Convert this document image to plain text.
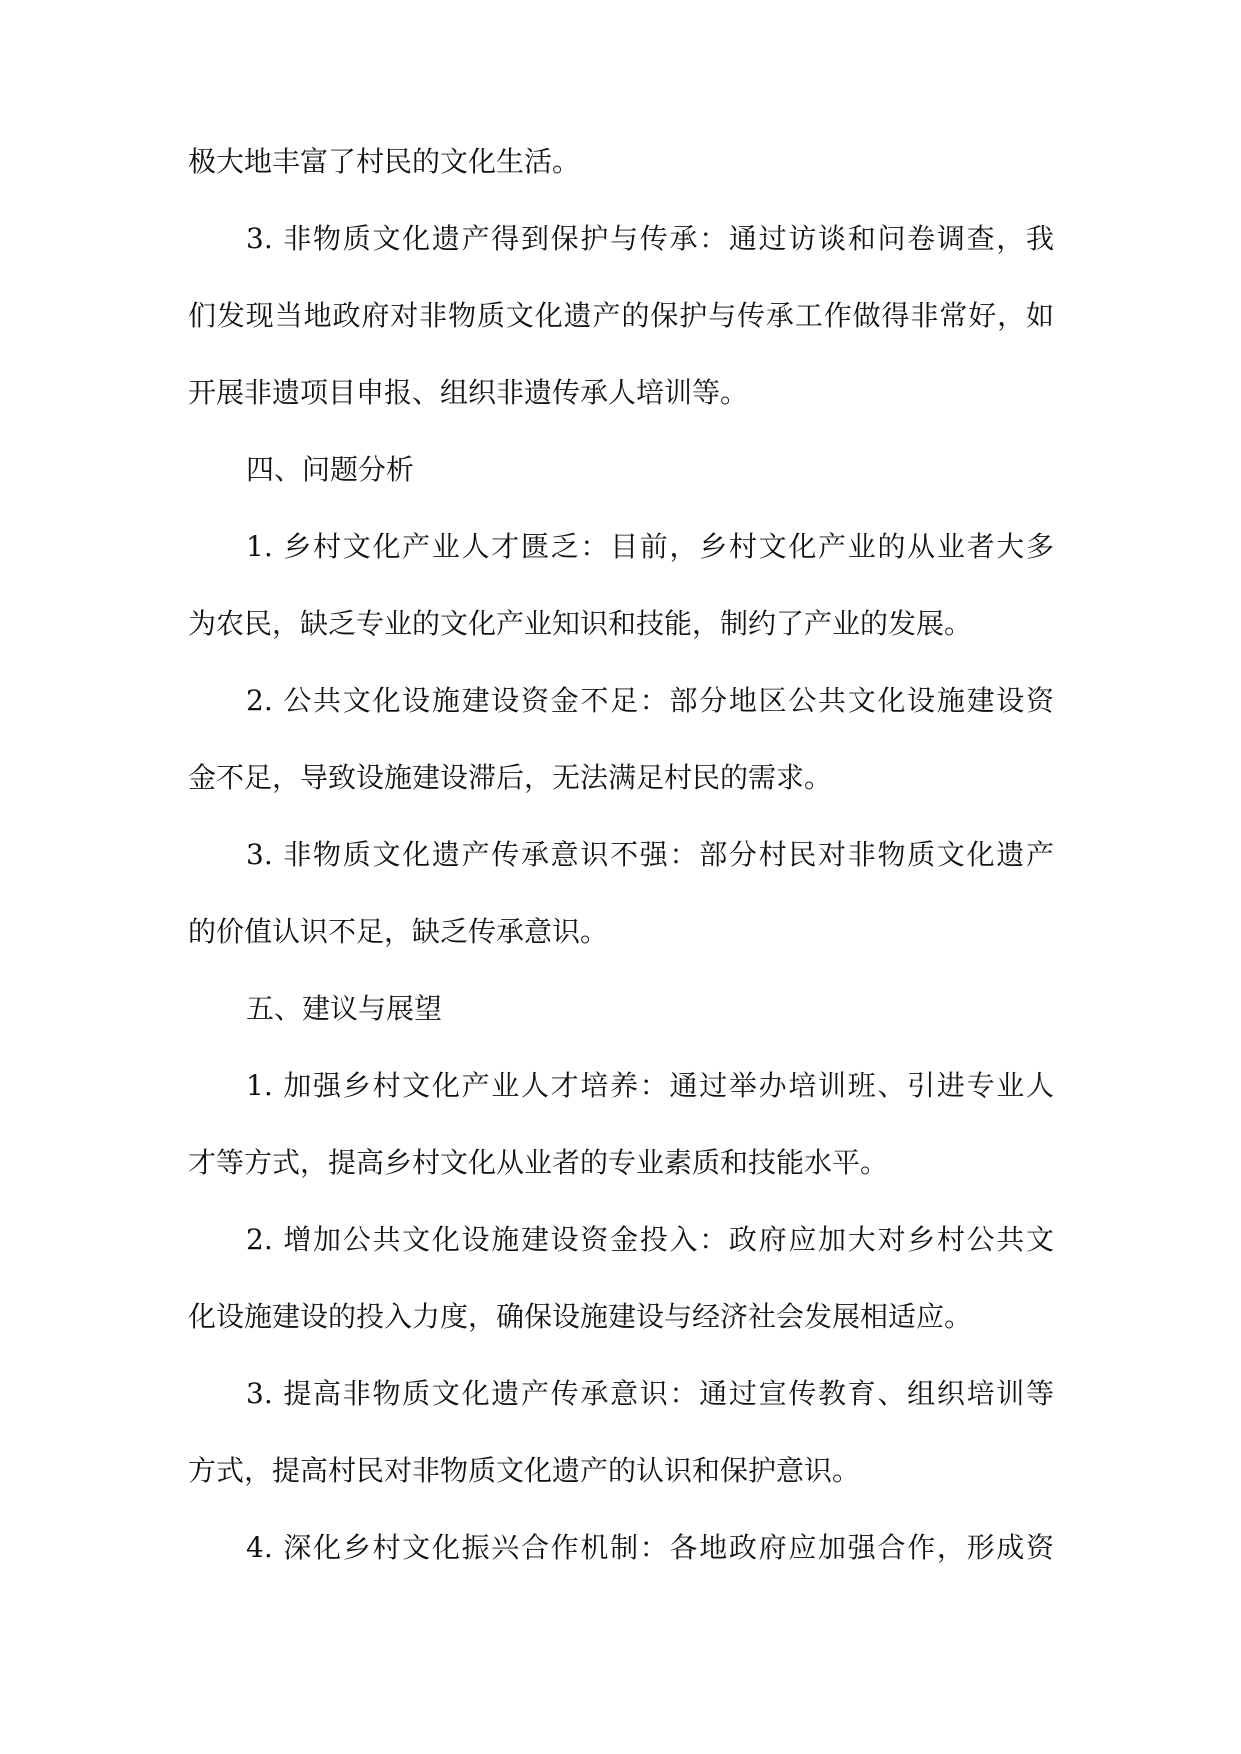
极大地丰富了村民的文化生活。
3. 非物质文化遗产得到保护与传承：通过访谈和问卷调查，我
们发现当地政府对非物质文化遗产的保护与传承工作做得非常好，如
开展非遗项目申报、组织非遗传承人培训等。
四、问题分析
1. 乡村文化产业人才匮乏：目前，乡村文化产业的从业者大多
为农民，缺乏专业的文化产业知识和技能，制约了产业的发展。
2. 公共文化设施建设资金不足：部分地区公共文化设施建设资
金不足，导致设施建设滞后，无法满足村民的需求。
3. 非物质文化遗产传承意识不强：部分村民对非物质文化遗产
的价值认识不足，缺乏传承意识。
五、建议与展望
1. 加强乡村文化产业人才培养：通过举办培训班、引进专业人
才等方式，提高乡村文化从业者的专业素质和技能水平。
2. 增加公共文化设施建设资金投入：政府应加大对乡村公共文
化设施建设的投入力度，确保设施建设与经济社会发展相适应。
3. 提高非物质文化遗产传承意识：通过宣传教育、组织培训等
方式，提高村民对非物质文化遗产的认识和保护意识。
4. 深化乡村文化振兴合作机制：各地政府应加强合作，形成资
